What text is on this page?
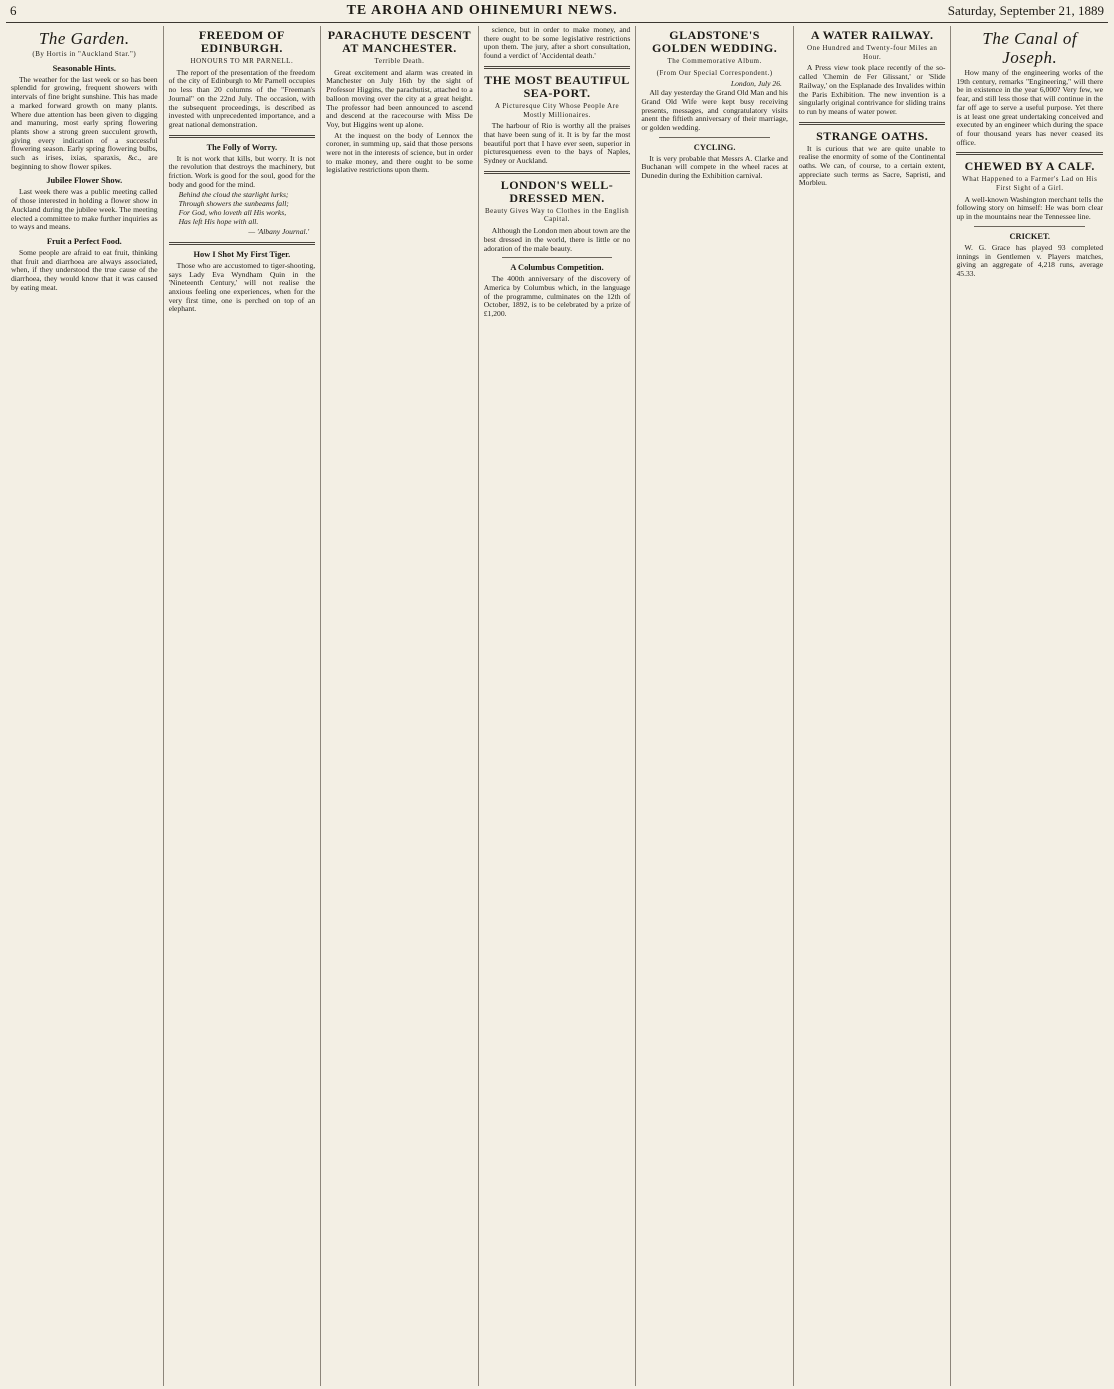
6	TE AROHA AND OHINEMURI NEWS.	Saturday, September 21, 1889
The Garden.
(By Hortis in "Auckland Star.")
Seasonable Hints.

The weather for the last week or so has been splendid for growing, frequent showers with intervals of fine bright sunshine. This has made a marked forward growth on many plants. Where due attention has been given to digging and manuring, most early spring flowering plants show a strong green succulent growth, giving every indication of a successful flowering season. Early spring flowering bulbs, such as irises, ixias, sparaxis, &c., are beginning to show flower spikes.

Jubilee Flower Show.

Last week there was a public meeting called of those interested in holding a flower show in Auckland during the jubilee week. The meeting elected a committee to make further inquiries as to ways and means.

Fruit a Perfect Food.

Some people are afraid to eat fruit, thinking that fruit and diarrhoea are always associated, when, if they understood the true cause of the diarrhoea, they would know that it was caused by eating meat.

FREEDOM OF EDINBURGH.
HONOURS TO MR PARNELL.

The report of the presentation of the freedom of the city of Edinburgh to Mr Parnell occupies no less than 20 columns of the "Freeman's Journal" on the 22nd July. The occasion, with the subsequent proceedings, is described as invested with unprecedented importance, and a great national demonstration.

The Folly of Worry.

It is not work that kills, but worry. It is not the revolution that destroys the machinery, but friction. Work is good for the soul, good for the body and good for the mind.

Behind the cloud the starlight lurks;
Through showers the sunbeams fall;
For God, who loveth all His works,
Has left His hope with all.
— 'Albany Journal.'
How I Shot My First Tiger.

Those who are accustomed to tiger-shooting, says Lady Eva Wyndham Quin in the 'Nineteenth Century,' will not realise the anxious feeling one experiences, when for the very first time, one is perched on top of an elephant.

PARACHUTE DESCENT AT MANCHESTER.
Terrible Death.

Great excitement and alarm was created in Manchester on July 16th by the sight of Professor Higgins, the parachutist, attached to a balloon moving over the city at a great height. The professor had been announced to ascend and descend at the racecourse with Miss De Voy, but Higgins went up alone.

At the inquest on the body of Lennox the coroner, in summing up, said that those persons were not in the interests of science, but in order to make money, and there ought to be some legislative restrictions upon them.

science, but in order to make money, and there ought to be some legislative restrictions upon them. The jury, after a short consultation, found a verdict of 'Accidental death.'

THE MOST BEAUTIFUL SEA-PORT.
A Picturesque City Whose People Are Mostly Millionaires.

The harbour of Rio is worthy all the praises that have been sung of it. It is by far the most beautiful port that I have ever seen, superior in picturesqueness even to the bays of Naples, Sydney or Auckland.

LONDON'S WELL-DRESSED MEN.
Beauty Gives Way to Clothes in the English Capital.

Although the London men about town are the best dressed in the world, there is little or no adoration of the male beauty.

A Columbus Competition.

The 400th anniversary of the discovery of America by Columbus which, in the language of the programme, culminates on the 12th of October, 1892, is to be celebrated by a prize of £1,200.

GLADSTONE'S GOLDEN WEDDING.
The Commemorative Album.
(From Our Special Correspondent.)
London, July 26.

All day yesterday the Grand Old Man and his Grand Old Wife were kept busy receiving presents, messages, and congratulatory visits anent the fiftieth anniversary of their marriage, or golden wedding.

CYCLING.

It is very probable that Messrs A. Clarke and Buchanan will compete in the wheel races at Dunedin during the Exhibition carnival.

A WATER RAILWAY.
One Hundred and Twenty-four Miles an Hour.

A Press view took place recently of the so-called 'Chemin de Fer Glissant,' or 'Slide Railway,' on the Esplanade des Invalides within the Paris Exhibition. The new invention is a singularly original contrivance for sliding trains to run by means of water power.

STRANGE OATHS.

It is curious that we are quite unable to realise the enormity of some of the Continental oaths. We can, of course, to a certain extent, appreciate such terms as Sacre, Sapristi, and Morbleu.

The Canal of Joseph.

How many of the engineering works of the 19th century, remarks "Engineering," will there be in existence in the year 6,000? Very few, we fear, and still less those that will continue in the far off age to serve a useful purpose. Yet there is at least one great undertaking conceived and executed by an engineer which during the space of four thousand years has never ceased its office.

CHEWED BY A CALF.
What Happened to a Farmer's Lad on His First Sight of a Girl.

A well-known Washington merchant tells the following story on himself: He was born clear up in the mountains near the Tennessee line.

CRICKET.

W. G. Grace has played 93 completed innings in Gentlemen v. Players matches, giving an aggregate of 4,218 runs, average 45.33.
